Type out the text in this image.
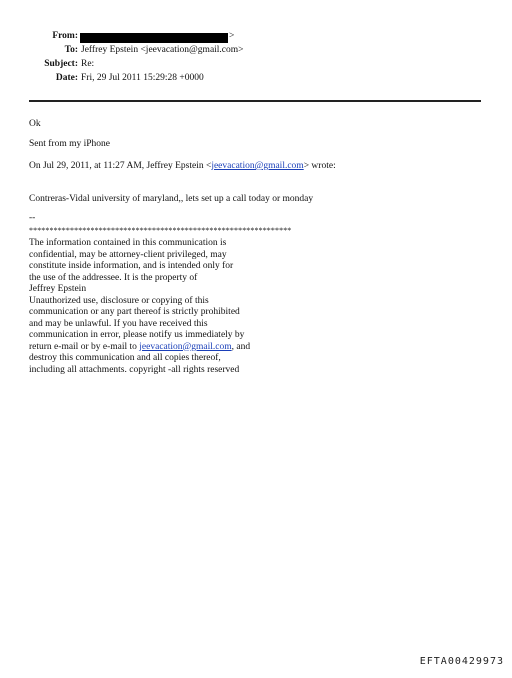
From:	>
To: Jeffrey Epstein <jeevacation@gmail.com>
Subject: Re:
Date: Fri, 29 Jul 2011 15:29:28 +0000
Ok
Sent from my iPhone
On Jul 29, 2011, at 11:27 AM, Jeffrey Epstein <jeevacation@gmail.com> wrote:
Contreras-Vidal university of maryland,, lets set up a call today or monday
--
****************************************************************
The information contained in this communication is
confidential, may be attorney-client privileged, may
constitute inside information, and is intended only for
the use of the addressee. It is the property of
Jeffrey Epstein
Unauthorized use, disclosure or copying of this
communication or any part thereof is strictly prohibited
and may be unlawful. If you have received this
communication in error, please notify us immediately by
return e-mail or by e-mail to jeevacation@gmail.com, and
destroy this communication and all copies thereof,
including all attachments. copyright -all rights reserved
EFTA00429973
